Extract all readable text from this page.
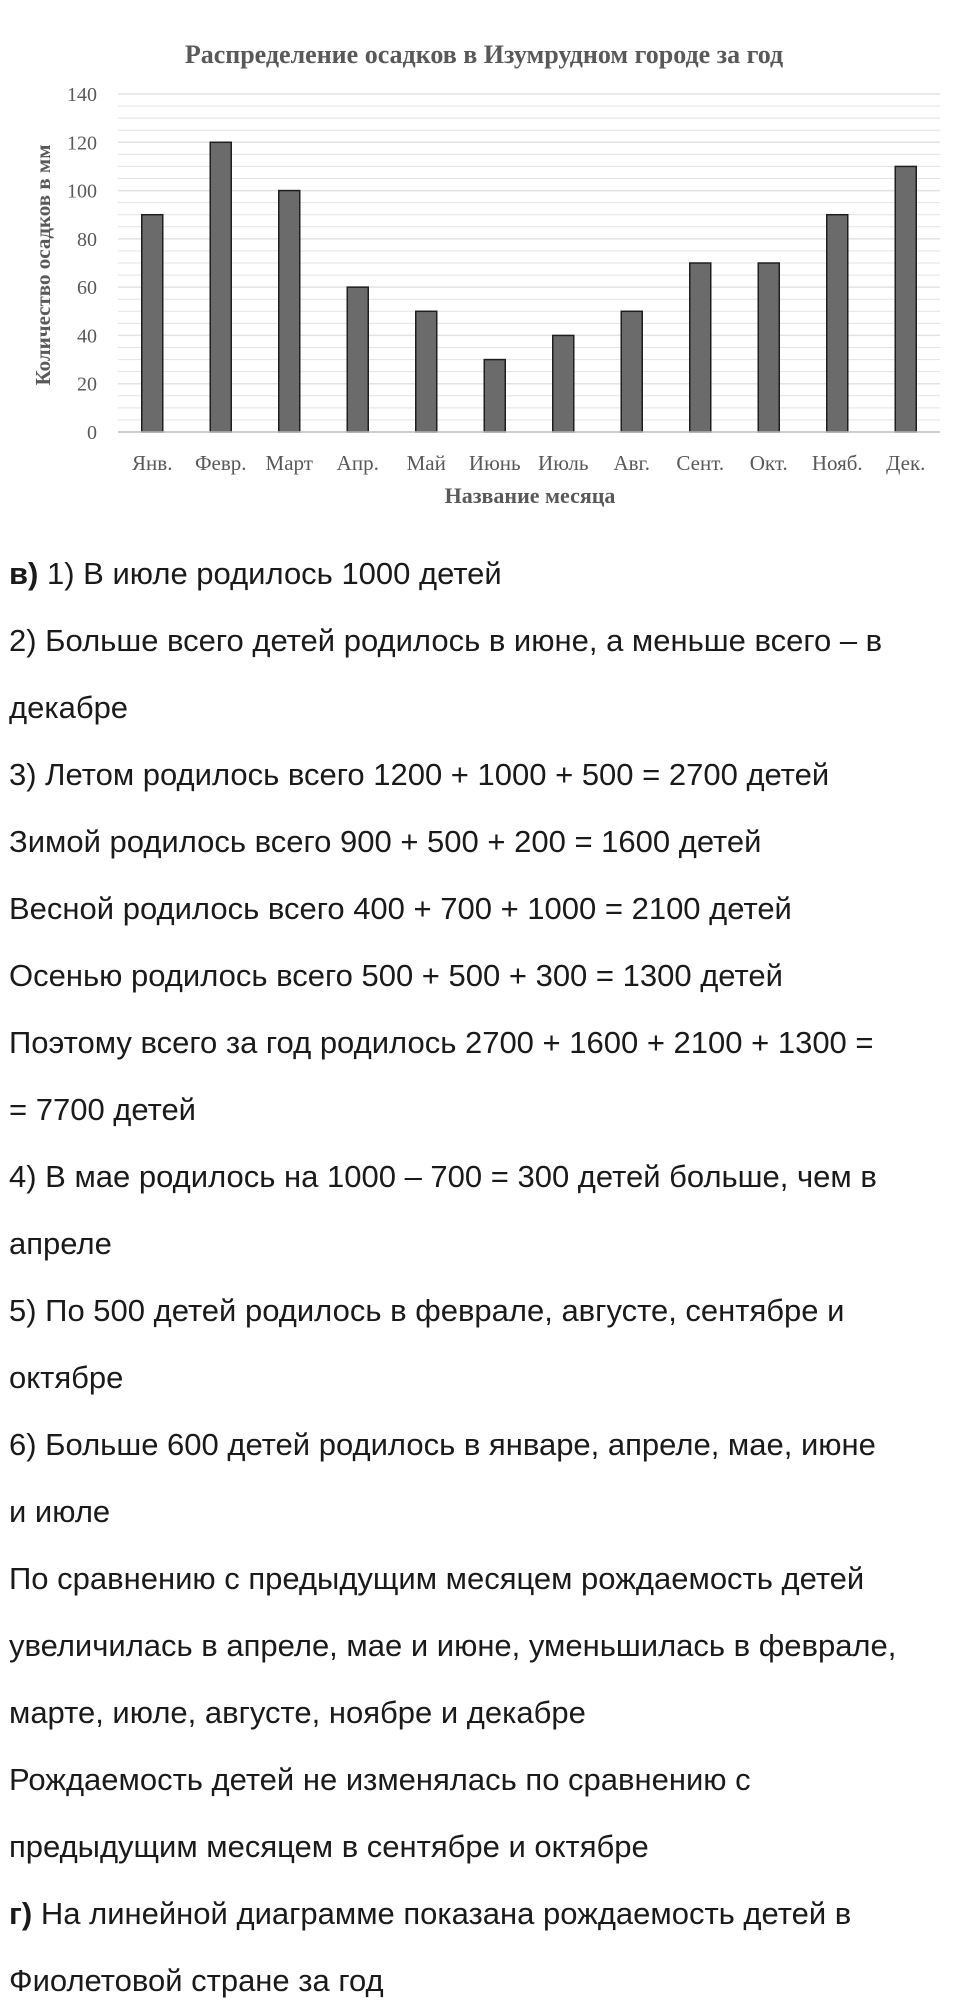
Распределение осадков в Изумрудном городе за год
0
20
40
60
80
100
120
140
Янв. Февр. Март Апр. Май Июнь Июль Авг. Сент. Окт. Нояб. Дек.
Количество осадков в мм
Название месяца

в) 1) В июле родилось 1000 детей

2) Больше всего детей родилось в июне, а меньше всего – в

декабре

3) Летом родилось всего 1200 + 1000 + 500 = 2700 детей

Зимой родилось всего 900 + 500 + 200 = 1600 детей

Весной родилось всего 400 + 700 + 1000 = 2100 детей

Осенью родилось всего 500 + 500 + 300 = 1300 детей

Поэтому всего за год родилось 2700 + 1600 + 2100 + 1300 =

= 7700 детей

4) В мае родилось на 1000 – 700 = 300 детей больше, чем в

апреле

5) По 500 детей родилось в феврале, августе, сентябре и

октябре

6) Больше 600 детей родилось в январе, апреле, мае, июне

и июле

По сравнению с предыдущим месяцем рождаемость детей

увеличилась в апреле, мае и июне, уменьшилась в феврале,

марте, июле, августе, ноябре и декабре

Рождаемость детей не изменялась по сравнению с

предыдущим месяцем в сентябре и октябре

г) На линейной диаграмме показана рождаемость детей в

Фиолетовой стране за год
